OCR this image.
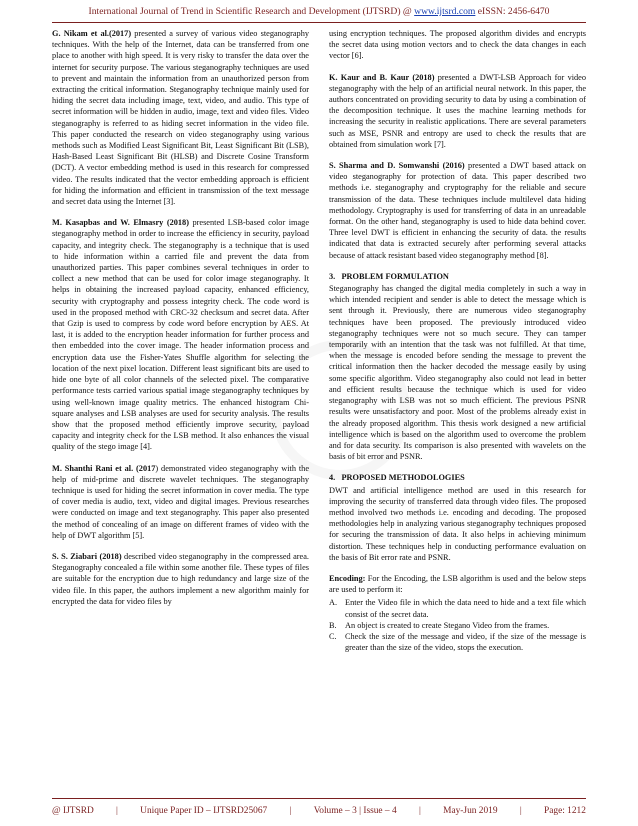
International Journal of Trend in Scientific Research and Development (IJTSRD) @ www.ijtsrd.com eISSN: 2456-6470

G. Nikam et al.(2017) presented a survey of various video steganography techniques. With the help of the Internet, data can be transferred from one place to another with high speed. It is very risky to transfer the data over the internet for security purpose. The various steganography techniques are used to prevent and maintain the information from an unauthorized person from extracting the critical information. Steganography technique mainly used for hiding the secret data including image, text, video, and audio. This type of secret information will be hidden in audio, image, text and video files. Video steganography is referred to as hiding secret information in the video file. This paper conducted the research on video steganography using various methods such as Modified Least Significant Bit, Least Significant Bit (LSB), Hash-Based Least Significant Bit (HLSB) and Discrete Cosine Transform (DCT). A vector embedding method is used in this research for compressed video. The results indicated that the vector embedding approach is efficient for hiding the information and efficient in transmission of the text message and secret data using the Internet [3].

M. Kasapbas and W. Elmasry (2018) presented LSB-based color image steganography method in order to increase the efficiency in security, payload capacity, and integrity check. The steganography is a technique that is used to hide information within a carried file and prevent the data from unauthorized parties. This paper combines several techniques in order to collect a new method that can be used for color image steganography. It helps in obtaining the increased payload capacity, enhanced efficiency, security with cryptography and possess integrity check. The code word is used in the proposed method with CRC-32 checksum and secret data. After that Gzip is used to compress by code word before encryption by AES. At last, it is added to the encryption header information for further process and then embedded into the cover image. The header information process and encryption data use the Fisher-Yates Shuffle algorithm for selecting the location of the next pixel location. Different least significant bits are used to hide one byte of all color channels of the selected pixel. The comparative performance tests carried various spatial image steganography techniques by using well-known image quality metrics. The enhanced histogram Chi-square analyses and LSB analyses are used for security analysis. The results show that the proposed method efficiently improve security, payload capacity and integrity check for the LSB method. It also enhances the visual quality of the stego image [4].

M. Shanthi Rani et al. (2017) demonstrated video steganography with the help of mid-prime and discrete wavelet techniques. The steganography technique is used for hiding the secret information in cover media. The type of cover media is audio, text, video and digital images. Previous researches were conducted on image and text steganography. This paper also presented the method of concealing of an image on different frames of video with the help of DWT algorithm [5].

S. S. Ziabari (2018) described video steganography in the compressed area. Steganography concealed a file within some another file. These types of files are suitable for the encryption due to high redundancy and large size of the video file. In this paper, the authors implement a new algorithm mainly for encrypted the data for video files by

using encryption techniques. The proposed algorithm divides and encrypts the secret data using motion vectors and to check the data changes in each vector [6].

K. Kaur and B. Kaur (2018) presented a DWT-LSB Approach for video steganography with the help of an artificial neural network. In this paper, the authors concentrated on providing security to data by using a combination of the decomposition technique. It uses the machine learning methods for increasing the security in realistic applications. There are several parameters such as MSE, PSNR and entropy are used to check the results that are obtained from simulation work [7].

S. Sharma and D. Somwanshi (2016) presented a DWT based attack on video steganography for protection of data. This paper described two methods i.e. steganography and cryptography for the reliable and secure transmission of the data. These techniques include multilevel data hiding methodology. Cryptography is used for transferring of data in an unreadable format. On the other hand, steganography is used to hide data behind cover. Three level DWT is efficient in enhancing the security of data. the results indicated that data is extracted securely after performing several attacks because of attack resistant based video steganography method [8].

3.   PROBLEM FORMULATION

Steganography has changed the digital media completely in such a way in which intended recipient and sender is able to detect the message which is sent through it. Previously, there are numerous video steganography techniques have been proposed. The previously introduced video steganography techniques were not so much secure. They can tamper temporarily with an intention that the task was not fulfilled. At that time, when the message is encoded before sending the message to prevent the critical information then the hacker decoded the message easily by using some specific algorithm. Video steganography also could not lead in better and efficient results because the technique which is used for video steganography with LSB was not so much efficient. The previous PSNR results were unsatisfactory and poor. Most of the problems already exist in the already proposed algorithm. This thesis work designed a new artificial intelligence which is based on the algorithm used to overcome the problem and for data security. Its comparison is also presented with wavelets on the basis of bit error and PSNR.

4.   PROPOSED METHODOLOGIES

DWT and artificial intelligence method are used in this research for improving the security of transferred data through video files. The proposed method involved two methods i.e. encoding and decoding. The proposed methodologies help in analyzing various steganography techniques proposed for securing the transmission of data. It also helps in achieving minimum distortion. These techniques help in conducting performance evaluation on the basis of Bit error rate and PSNR.

Encoding: For the Encoding, the LSB algorithm is used and the below steps are used to perform it:

A. Enter the Video file in which the data need to hide and a text file which consist of the secret data.
B. An object is created to create Stegano Video from the frames.
C. Check the size of the message and video, if the size of the message is greater than the size of the video, stops the execution.
@ IJTSRD | Unique Paper ID – IJTSRD25067 | Volume – 3 | Issue – 4 | May-Jun 2019 | Page: 1212
